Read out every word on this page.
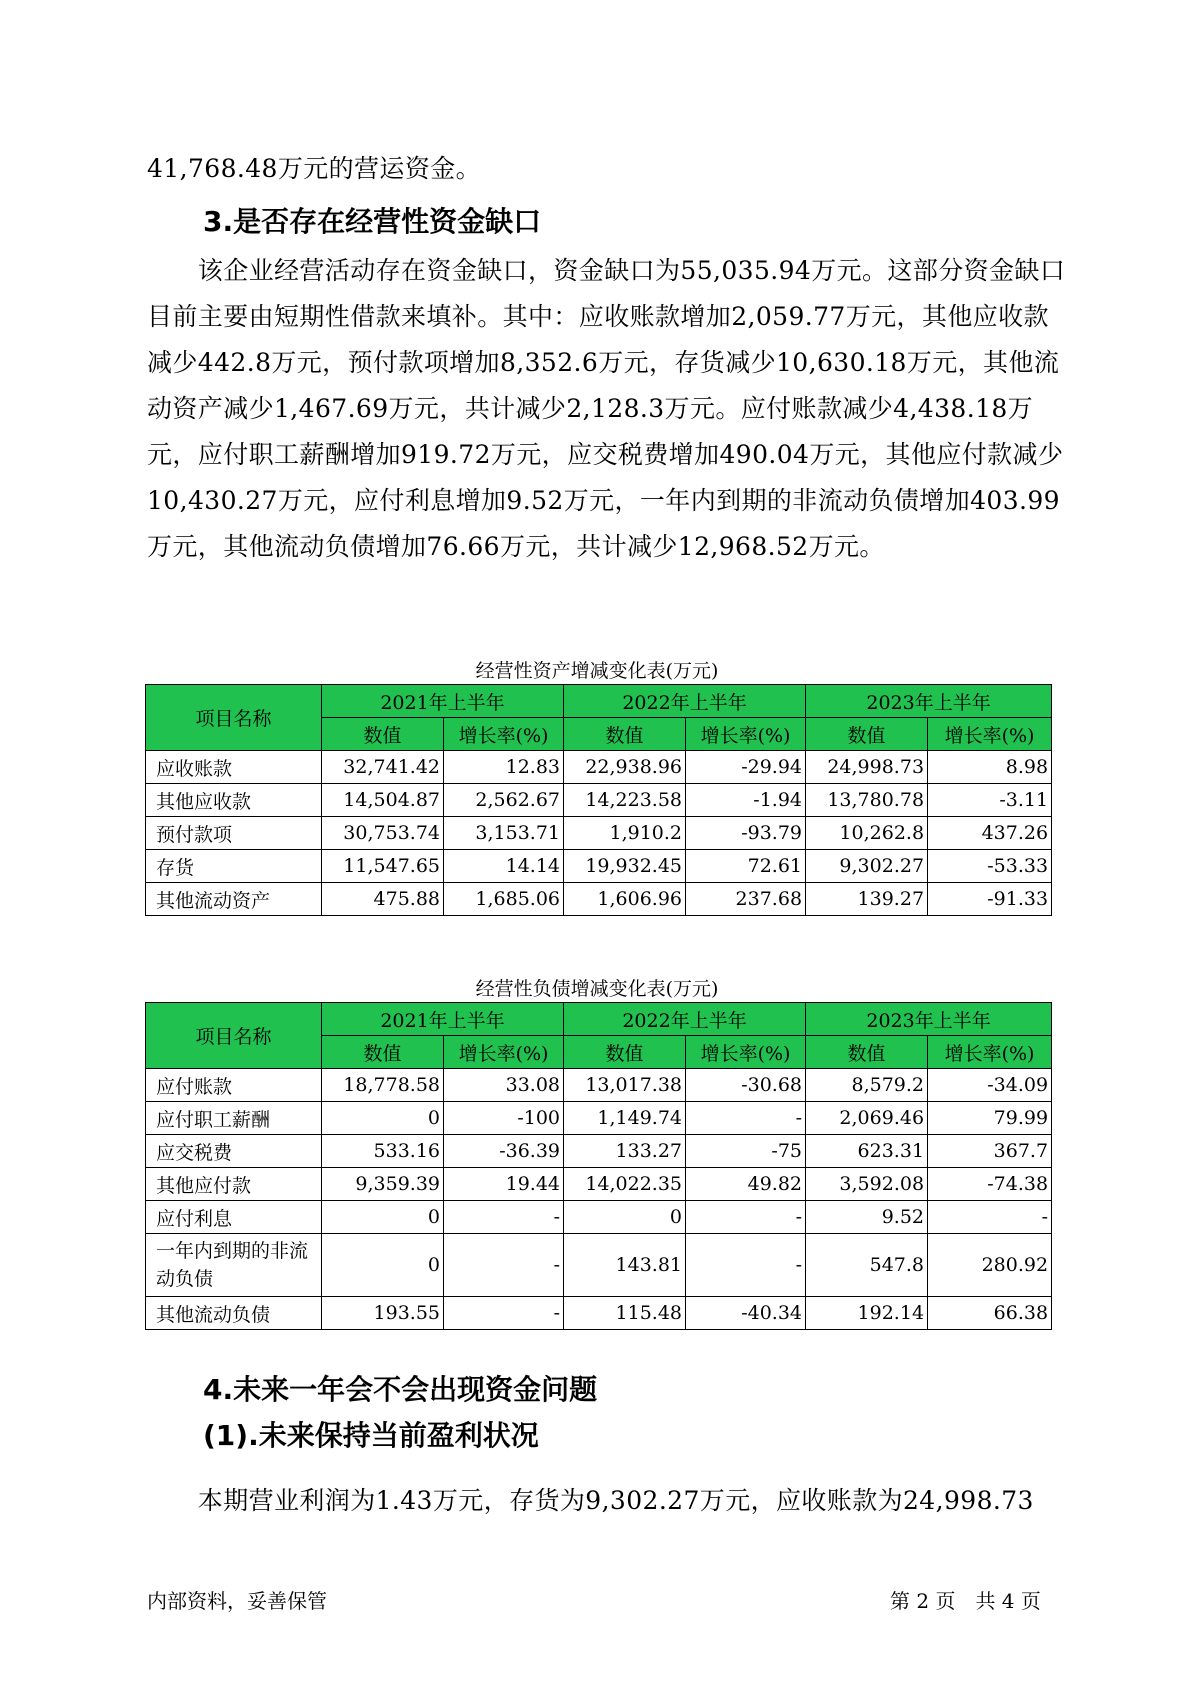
41,768.48万元的营运资金。

3.是否存在经营性资金缺口

　　该企业经营活动存在资金缺口，资金缺口为55,035.94万元。这部分资金缺口目前主要由短期性借款来填补。其中：应收账款增加2,059.77万元，其他应收款减少442.8万元，预付款项增加8,352.6万元，存货减少10,630.18万元，其他流动资产减少1,467.69万元，共计减少2,128.3万元。应付账款减少4,438.18万元，应付职工薪酬增加919.72万元，应交税费增加490.04万元，其他应付款减少10,430.27万元，应付利息增加9.52万元，一年内到期的非流动负债增加403.99万元，其他流动负债增加76.66万元，共计减少12,968.52万元。

经营性资产增减变化表(万元)

项目名称	2021年上半年		2022年上半年		2023年上半年	
	数值	增长率(%)	数值	增长率(%)	数值	增长率(%)
应收账款	32,741.42	12.83	22,938.96	-29.94	24,998.73	8.98
其他应收款	14,504.87	2,562.67	14,223.58	-1.94	13,780.78	-3.11
预付款项	30,753.74	3,153.71	1,910.2	-93.79	10,262.8	437.26
存货	11,547.65	14.14	19,932.45	72.61	9,302.27	-53.33
其他流动资产	475.88	1,685.06	1,606.96	237.68	139.27	-91.33

经营性负债增减变化表(万元)

项目名称	2021年上半年		2022年上半年		2023年上半年	
	数值	增长率(%)	数值	增长率(%)	数值	增长率(%)
应付账款	18,778.58	33.08	13,017.38	-30.68	8,579.2	-34.09
应付职工薪酬	0	-100	1,149.74	-	2,069.46	79.99
应交税费	533.16	-36.39	133.27	-75	623.31	367.7
其他应付款	9,359.39	19.44	14,022.35	49.82	3,592.08	-74.38
应付利息	0	-	0	-	9.52	-
一年内到期的非流动负债	0	-	143.81	-	547.8	280.92
其他流动负债	193.55	-	115.48	-40.34	192.14	66.38
4.未来一年会不会出现资金问题
(1).未来保持当前盈利状况

　　本期营业利润为1.43万元，存货为9,302.27万元，应收账款为24,998.73

内部资料，妥善保管	第 2 页　共 4 页
